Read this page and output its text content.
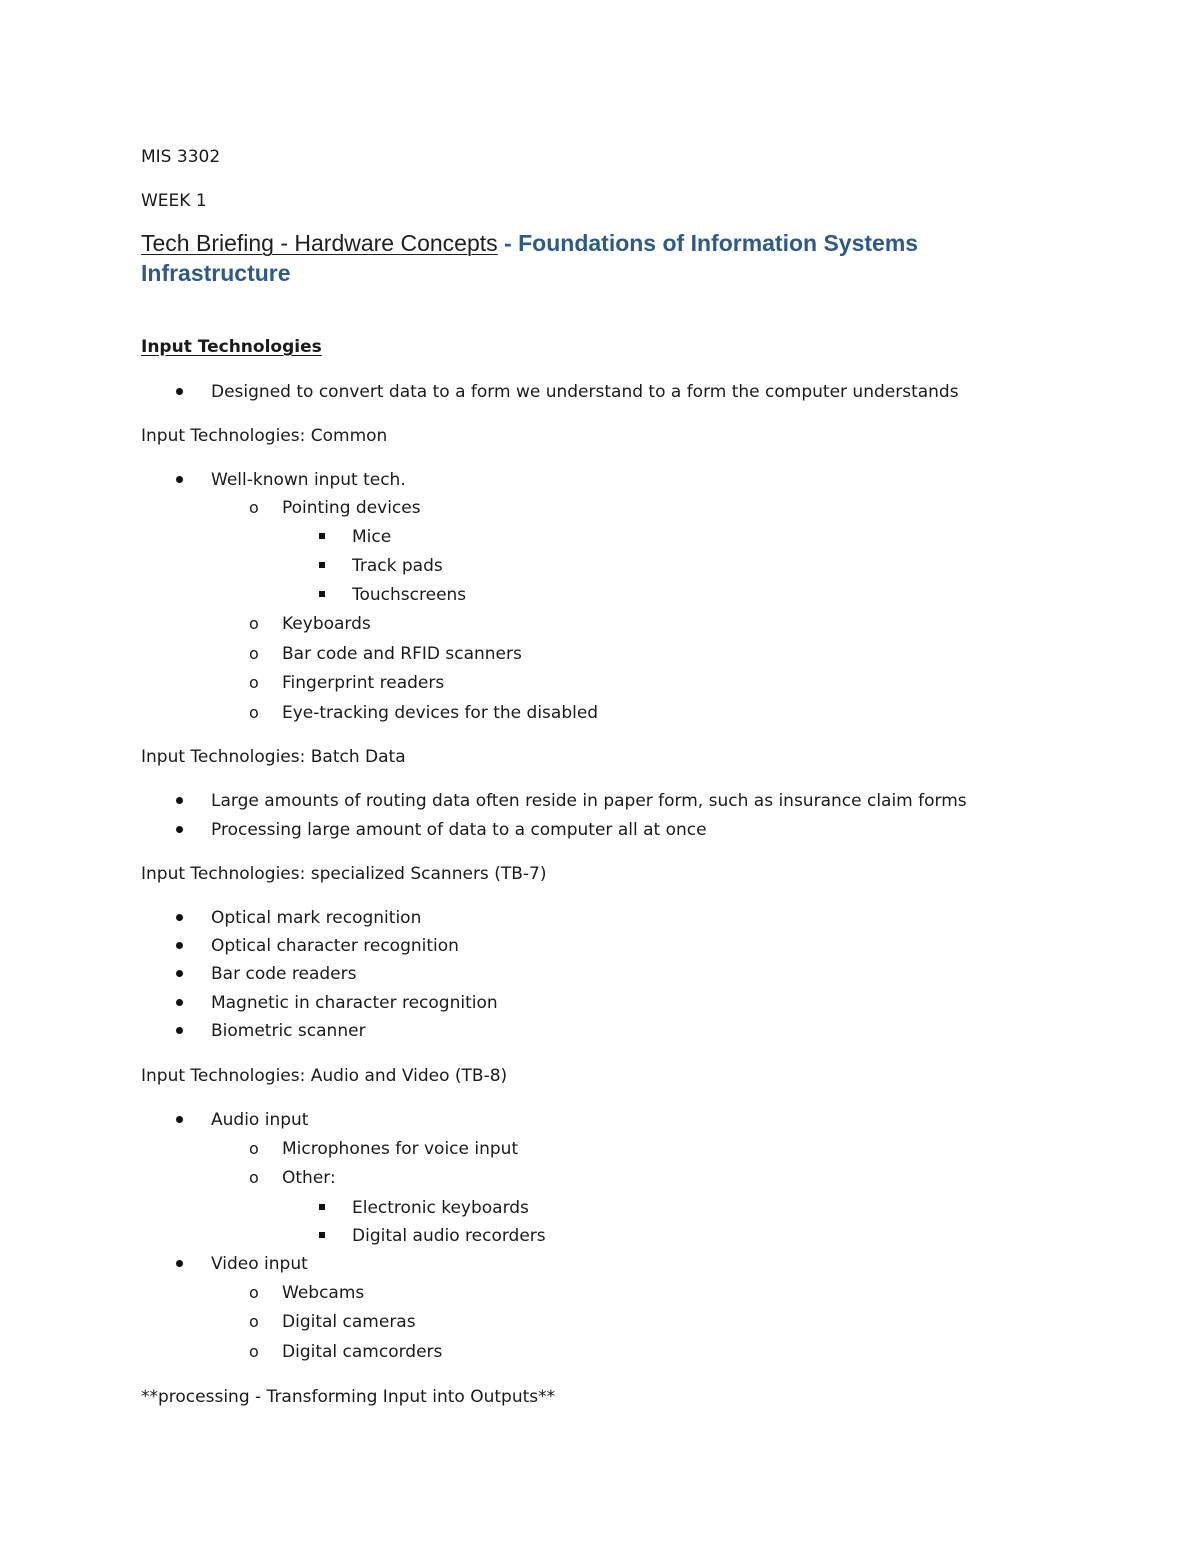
MIS 3302
WEEK 1
Tech Briefing - Hardware Concepts - Foundations of Information Systems
Infrastructure
Input Technologies
Designed to convert data to a form we understand to a form the computer understands
Input Technologies: Common
Well-known input tech.
o Pointing devices
Mice
Track pads
Touchscreens
o Keyboards
o Bar code and RFID scanners
o Fingerprint readers
o Eye-tracking devices for the disabled
Input Technologies: Batch Data
Large amounts of routing data often reside in paper form, such as insurance claim forms
Processing large amount of data to a computer all at once
Input Technologies: specialized Scanners (TB-7)
Optical mark recognition
Optical character recognition
Bar code readers
Magnetic in character recognition
Biometric scanner
Input Technologies: Audio and Video (TB-8)
Audio input
o Microphones for voice input
o Other:
Electronic keyboards
Digital audio recorders
Video input
o Webcams
o Digital cameras
o Digital camcorders
**processing - Transforming Input into Outputs**
